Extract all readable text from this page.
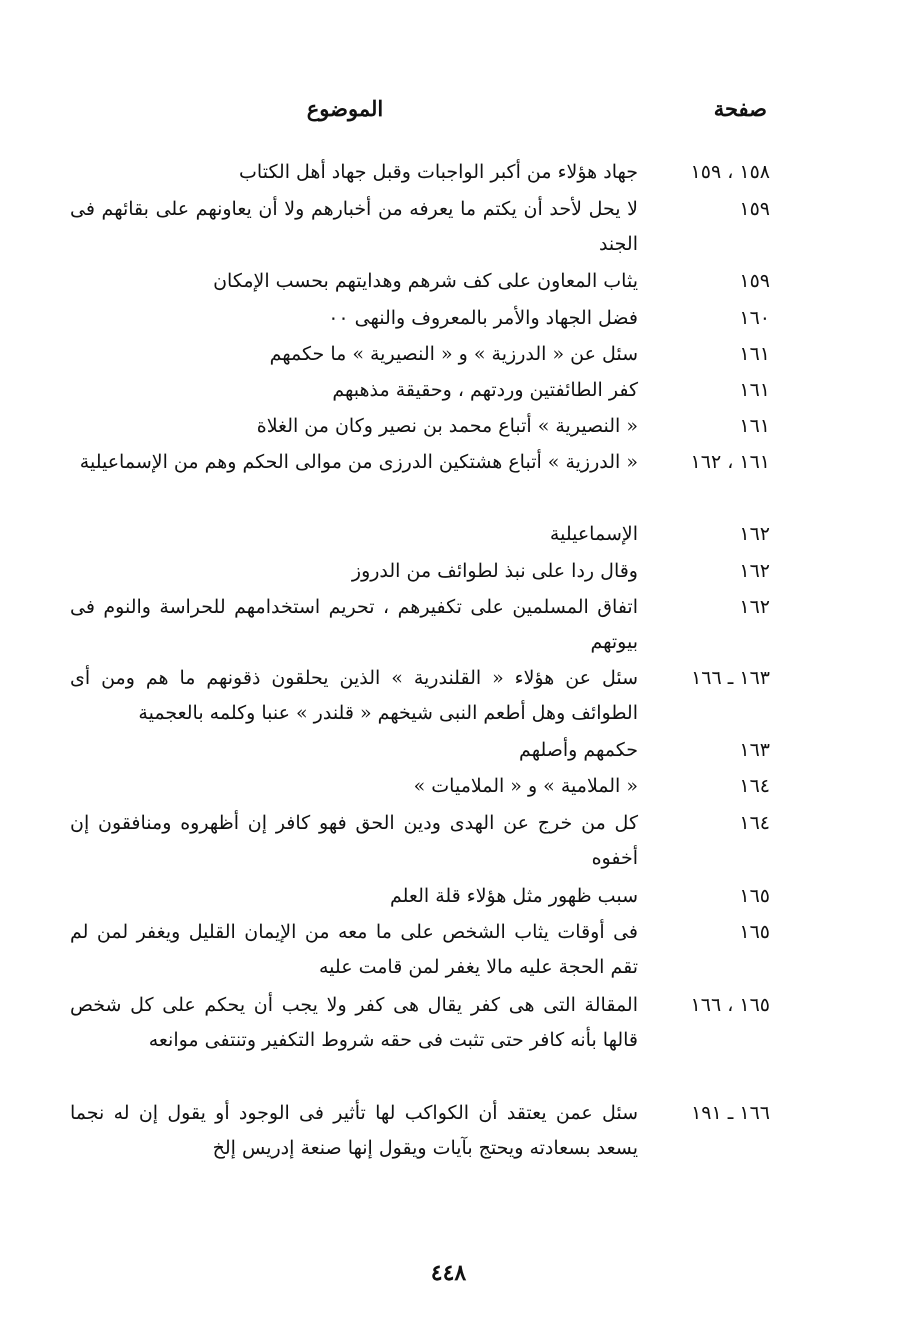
صفحة
الموضوع
١٥٨ ، ١٥٩
جهاد هؤلاء من أكبر الواجبات وقبل جهاد أهل الكتاب
١٥٩
لا يحل لأحد أن يكتم ما يعرفه من أخبارهم ولا أن يعاونهم على بقائهم فى الجند
١٥٩
يثاب المعاون على كف شرهم وهدايتهم بحسب الإمكان
١٦٠
فضل الجهاد والأمر بالمعروف والنهى ٠٠
١٦١
سئل عن « الدرزية » و « النصيرية » ما حكمهم
١٦١
كفر الطائفتين وردتهم ، وحقيقة مذهبهم
١٦١
« النصيرية » أتباع محمد بن نصير وكان من الغلاة
١٦١ ، ١٦٢
« الدرزية » أتباع هشتكين الدرزى من موالى الحكم وهم من الإسماعيلية
١٦٢
الإسماعيلية
١٦٢
وقال ردا على نبذ لطوائف من الدروز
١٦٢
اتفاق المسلمين على تكفيرهم ، تحريم استخدامهم للحراسة والنوم فى بيوتهم
١٦٣ ـ ١٦٦
سئل عن هؤلاء « القلندرية » الذين يحلقون ذقونهم ما هم ومن أى الطوائف وهل أطعم النبى شيخهم « قلندر » عنبا وكلمه بالعجمية
١٦٣
حكمهم وأصلهم
١٦٤
« الملامية » و « الملاميات »
١٦٤
كل من خرج عن الهدى ودين الحق فهو كافر إن أظهروه ومنافقون إن أخفوه
١٦٥
سبب ظهور مثل هؤلاء قلة العلم
١٦٥
فى أوقات يثاب الشخص على ما معه من الإيمان القليل ويغفر لمن لم تقم الحجة عليه مالا يغفر لمن قامت عليه
١٦٥ ، ١٦٦
المقالة التى هى كفر يقال هى كفر ولا يجب أن يحكم على كل شخص قالها بأنه كافر حتى تثبت فى حقه شروط التكفير وتنتفى موانعه
١٦٦ ـ ١٩١
سئل عمن يعتقد أن الكواكب لها تأثير فى الوجود أو يقول إن له نجما يسعد بسعادته ويحتج بآيات ويقول إنها صنعة إدريس إلخ
٤٤٨
